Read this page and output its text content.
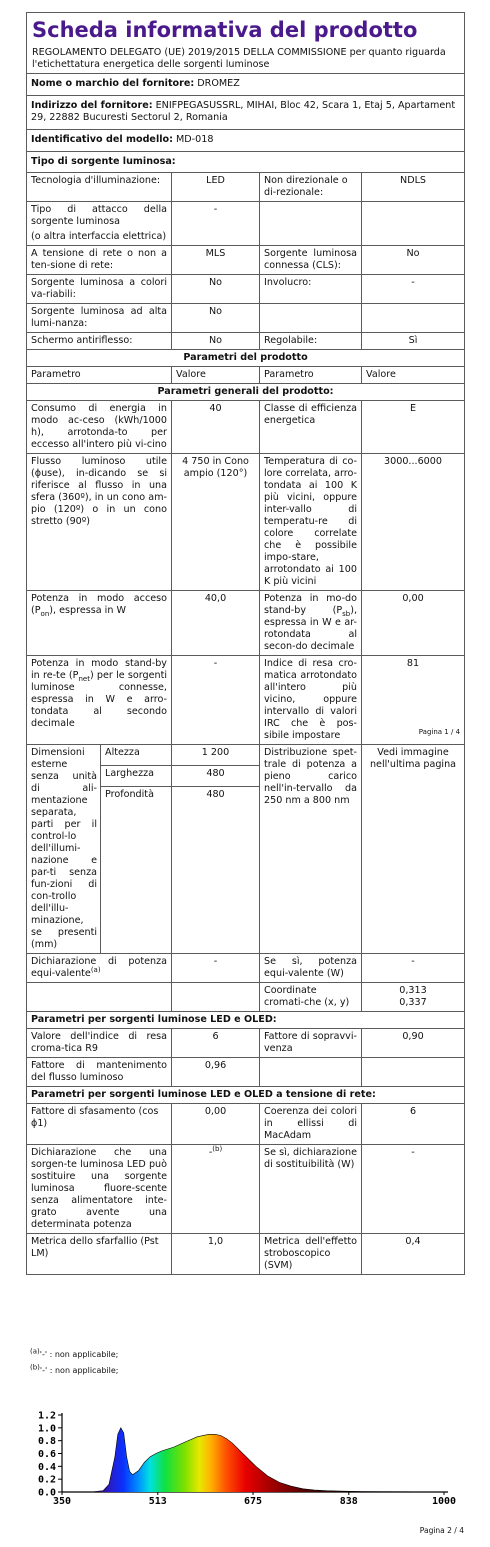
Scheda informativa del prodotto
REGOLAMENTO DELEGATO (UE) 2019/2015 DELLA COMMISSIONE per quanto riguarda l'etichettatura energetica delle sorgenti luminose				

Nome o marchio del fornitore: DROMEZ				
Indirizzo del fornitore: ENIFPEGASUSSRL, MIHAI, Bloc 42, Scara 1, Etaj 5, Apartament 29, 22882 Bucuresti Sectorul 2, Romania				
Identificativo del modello: MD-018				
Tipo di sorgente luminosa:				
Tecnologia d'illuminazione:		LED	Non direzionale o di-rezionale:	NDLS

Tipo di attacco della sorgente luminosa
(o altra interfaccia elettrica)		-		
A tensione di rete o non a ten-sione di rete:		MLS	Sorgente luminosa connessa (CLS):	No
Sorgente luminosa a colori va-riabili:		No	Involucro:	-
Sorgente luminosa ad alta lumi-nanza:		No		
Schermo antiriflesso:		No	Regolabile:	Sì
Parametri del prodotto				
Parametro		Valore	Parametro	Valore
Parametri generali del prodotto:				
Consumo di energia in modo ac-ceso (kWh/1000 h), arrotonda-to per eccesso all'intero più vi-cino		40	Classe di efficienza energetica	E
Flusso luminoso utile (ɸuse), in-dicando se si riferisce al flusso in una sfera (360º), in un cono am-pio (120º) o in un cono stretto (90º)		4 750 in Cono ampio (120°)	Temperatura di co-lore correlata, arro-tondata ai 100 K più vicini, oppure inter-vallo di temperatu-re di colore correlate che è possibile impo-stare, arrotondato ai 100 K più vicini	3000...6000
Potenza in modo acceso $(P_{on})$, espressa in W		40,0	Potenza in mo-do stand-by $(P_{sb})$, espressa in W e ar-rotondata al secon-do decimale	0,00
Potenza in modo stand-by in re-te $(P_{net})$ per le sorgenti luminose connesse, espressa in W e arro-tondata al secondo decimale		-	Indice di resa cro-matica arrotondato all'intero più vicino, oppure intervallo di valori IRC che è pos-sibile impostare	81
Pagina 1 / 4

Dimensioni esterne senza unità di ali-mentazione separata, parti per il control-lo dell'illumi-nazione e par-ti senza fun-zioni di con-trollo dell'illu-minazione, se presenti (mm)	Altezza	1 200	Distribuzione spet-trale di potenza a pieno carico nell'in-tervallo da 250 nm a 800 nm	Vedi immagine nell'ultima pagina
	Larghezza	480		
	Profondità	480		

Dichiarazione di potenza equi-valente$^{(a)}$		-	Se sì, potenza equi-valente (W)	-
			Coordinate cromati-che (x, y)	0,313
0,337

Parametri per sorgenti luminose LED e OLED:				
Valore dell'indice di resa croma-tica R9		6	Fattore di sopravvi-venza	0,90
Fattore di mantenimento del flusso luminoso		0,96		
Parametri per sorgenti luminose LED e OLED a tensione di rete:				
Fattore di sfasamento (cos ɸ1)		0,00	Coerenza dei colori in ellissi di MacAdam	6
Dichiarazione che una sorgen-te luminosa LED può sostituire una sorgente luminosa fluore-scente senza alimentatore inte-grato avente una determinata potenza		-$^{(b)}$	Se sì, dichiarazione di sostituibilità (W)	-
Metrica dello sfarfallio (Pst LM)		1,0	Metrica dell'effetto stroboscopico (SVM)	0,4
$^{(a)}$'-' : non applicabile;
$^{(b)}$'-' : non applicabile;
0.0
0.2
0.4
0.6
0.8
1.0
1.2
350	513	675	838	1000
Pagina 2 / 4
